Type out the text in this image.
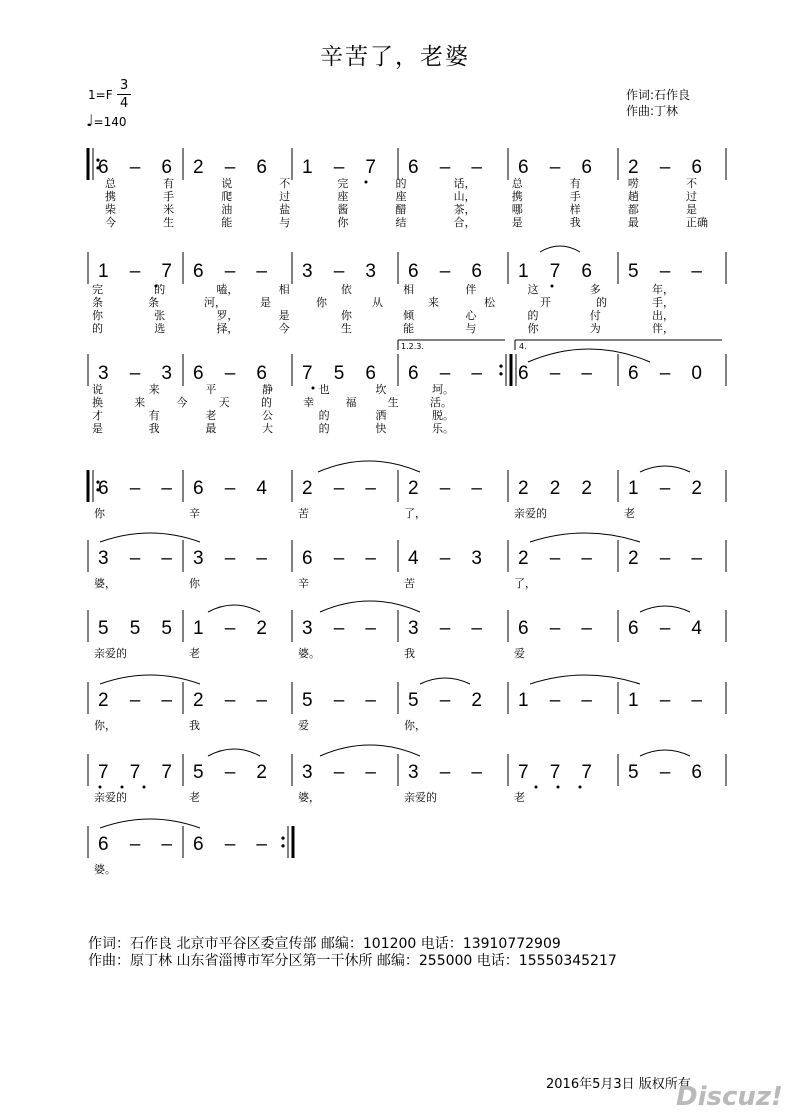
辛苦了，老婆
1=F
3
4
♩=140
作词:石作良
作曲:丁林
6 – 6 2 – 6 1 – 7 6 – – 6 – 6 2 – 6
总	有	说	不	完	的	话，	总	有	唠	不
携	手	爬	过	座	座	山，	携	手	趟	过
柴	米	油	盐	酱	醋	茶，	哪	样	都	是
今	生	能	与	你	结	合，	是	我	最	正确
1 – 7 6 – – 3 – 3 6 – 6 1 7 6 5 – –
完	的	嗑，	相	依	相	伴	这	多	年，
条	条	河，	是	你	从	来	松	开	的	手，
你	张	罗，	是	你	倾	心	的	付	出，
的	选	择，	今	生	能	与	你	为	伴，
1.2.3.	4.
3 – 3 6 – 6 7 5 6 6 – – 6 – – 6 – 0
说	来	平	静	也	坎	坷。
换	来	今	天	的	幸	福	生	活。
才	有	老	公	的	洒	脱。
是	我	最	大	的	快	乐。
6 – – 6 – 4 2 – – 2 – – 2 2 2 1 – 2
你	辛	苦	了，	亲爱的	老
3 – – 3 – – 6 – – 4 – 3 2 – – 2 – –
婆，	你	辛	苦	了，
5 5 5 1 – 2 3 – – 3 – – 6 – – 6 – 4
亲爱的	老	婆。	我	爱
2 – – 2 – – 5 – – 5 – 2 1 – – 1 – –
你，	我	爱	你，
7 7 7 5 – 2 3 – – 3 – – 7 7 7 5 – 6
亲爱的	老	婆，	亲爱的	老
6 – – 6 – –
婆。
作词：石作良 北京市平谷区委宣传部 邮编：101200 电话：13910772909
作曲：原丁林 山东省淄博市军分区第一干休所 邮编：255000 电话：15550345217
2016年5月3日 版权所有
Discuz!
